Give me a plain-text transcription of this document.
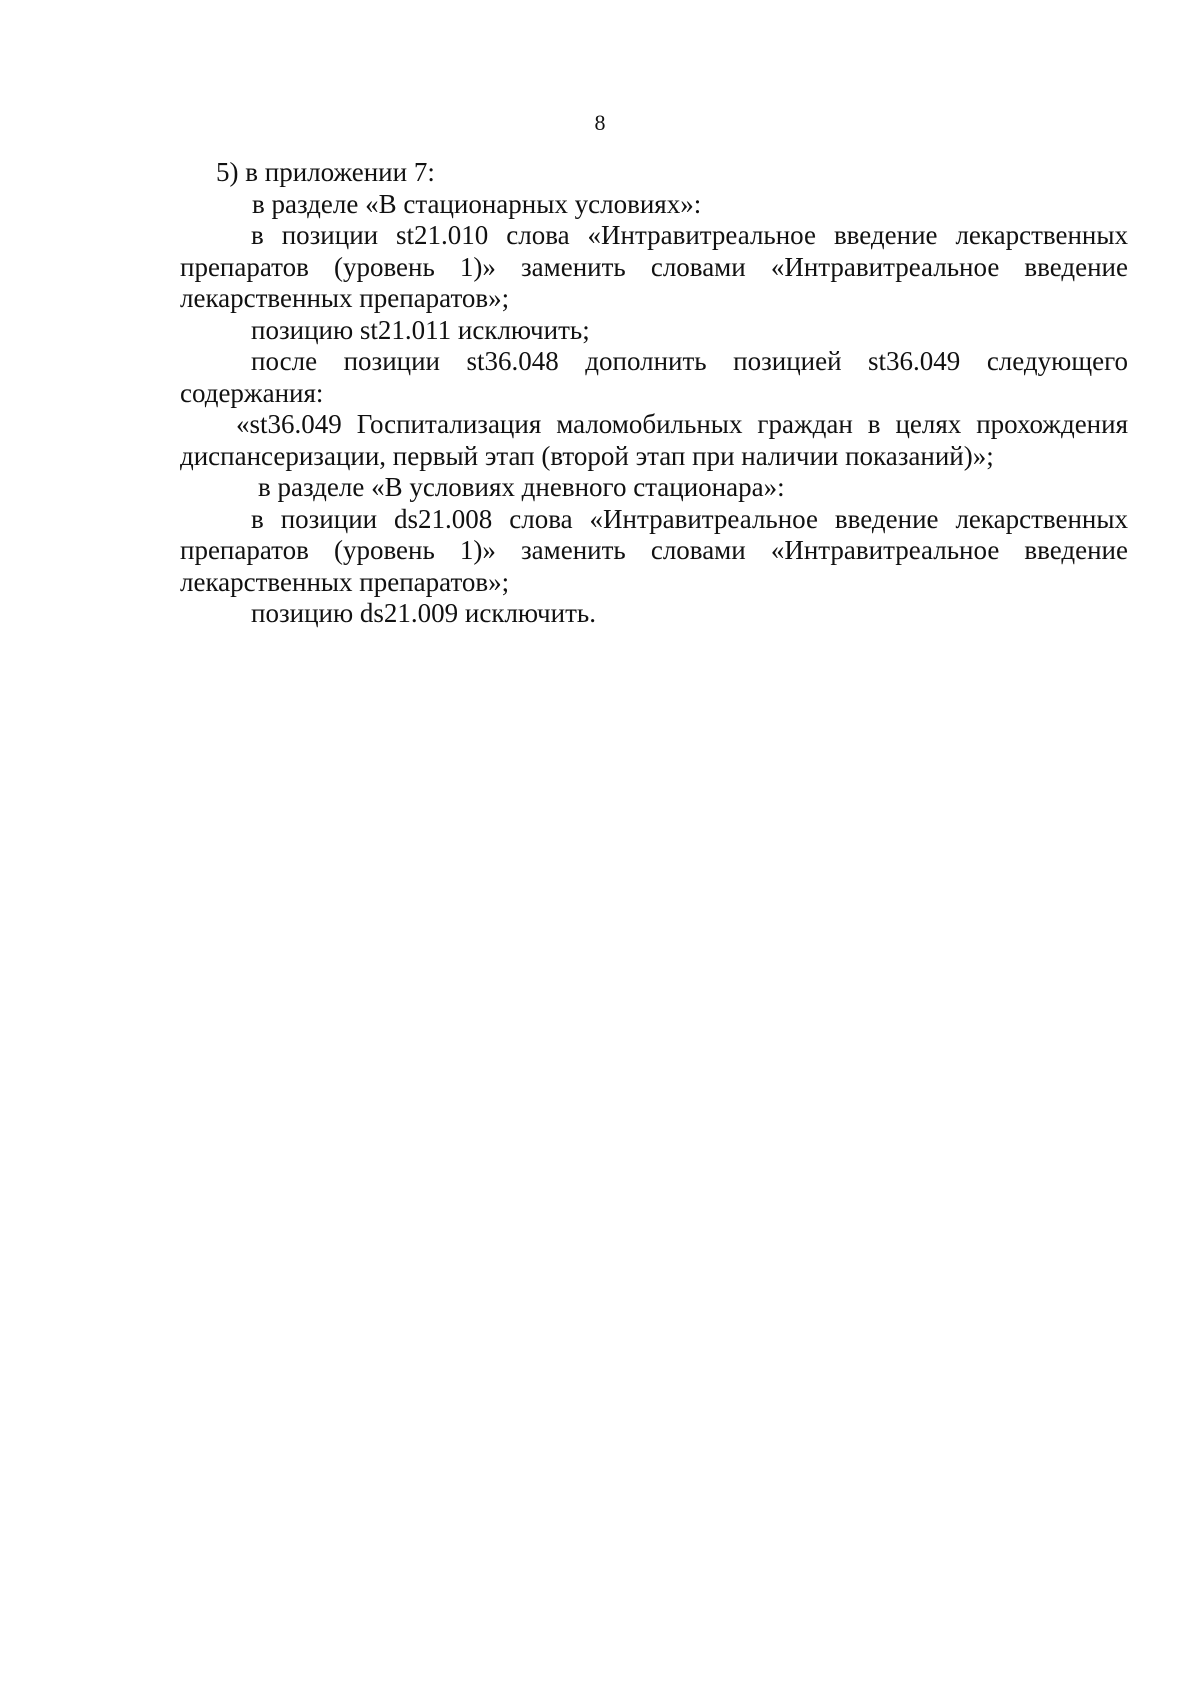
8
5) в приложении 7:
в разделе «В стационарных условиях»:
в позиции st21.010 слова «Интравитреальное введение лекарственных
препаратов (уровень 1)» заменить словами «Интравитреальное введение
лекарственных препаратов»;
позицию st21.011 исключить;
после позиции st36.048 дополнить позицией st36.049 следующего
содержания:
«st36.049 Госпитализация маломобильных граждан в целях прохождения
диспансеризации, первый этап (второй этап при наличии показаний)»;
в разделе «В условиях дневного стационара»:
в позиции ds21.008 слова «Интравитреальное введение лекарственных
препаратов (уровень 1)» заменить словами «Интравитреальное введение
лекарственных препаратов»;
позицию ds21.009 исключить.
